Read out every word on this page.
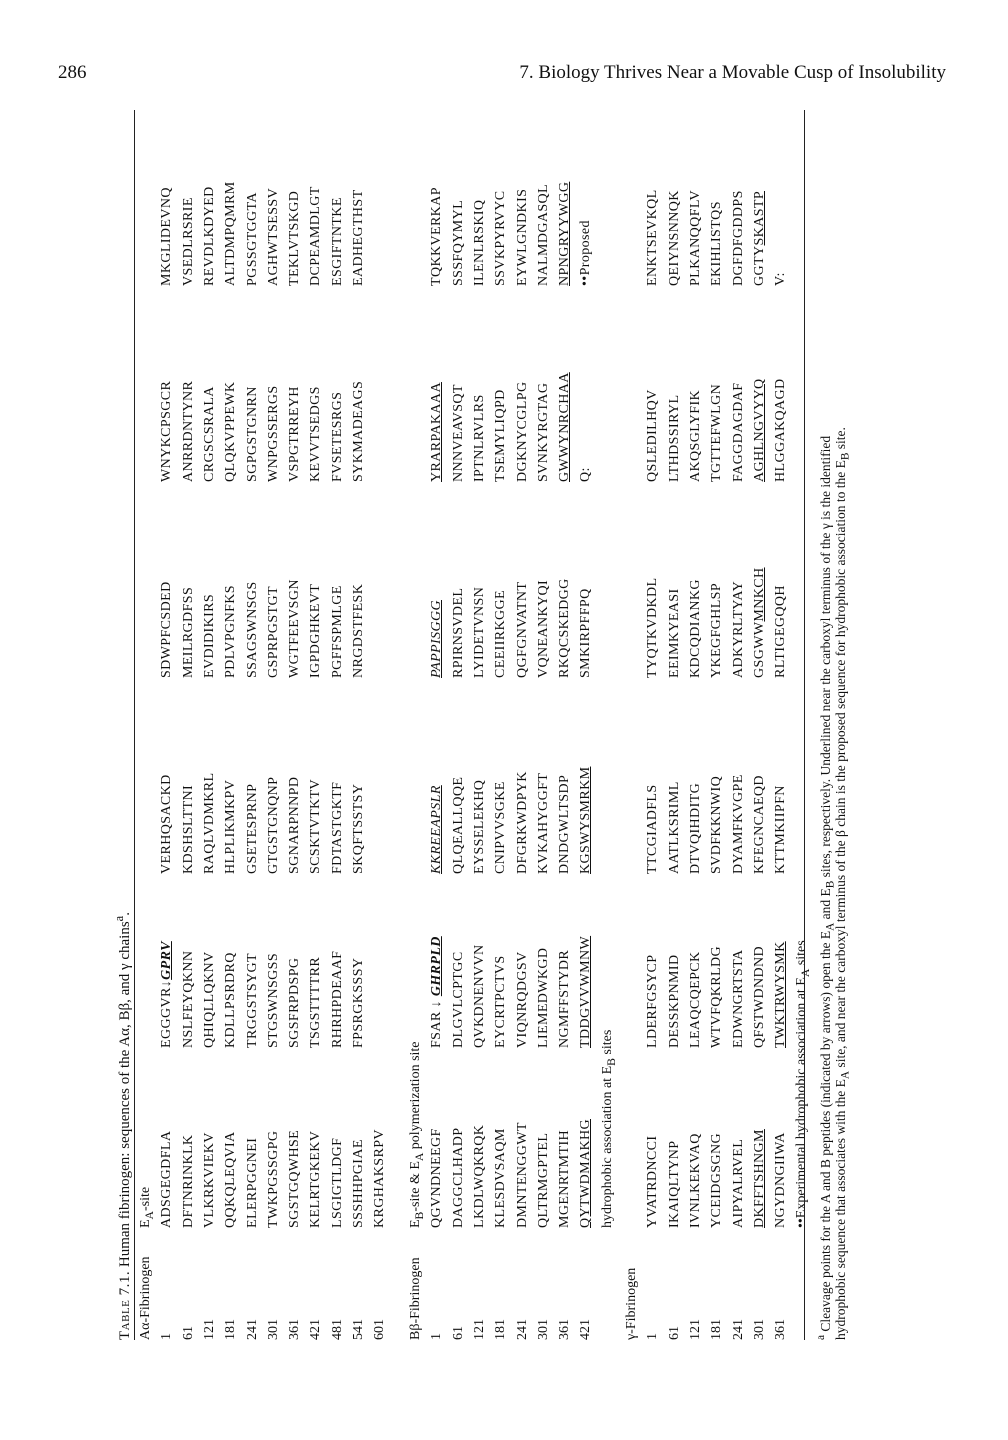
286	7. Biology Thrives Near a Movable Cusp of Insolubility
Table 7.1. Human fibrinogen: sequences of the Aα, Bβ, and γ chains$^a$.
Aα-Fibrinogen
$E_A$-site
1
ADSGEGDFLA
EGGGVR↓GPRV
VERHQSACKD
SDWPFCSDED
WNYKCPSGCR
MKGLIDEVNQ
61
DFTNRINKLK
NSLFEYQKNN
KDSHSLTTNI
MEILRGDFSS
ANRRDNTYNR
VSEDLRSRIE
121
VLKRKVIEKV
QHIQLLQKNV
RAQLVDMKRL
EVDIDIKIRS
CRGSCSRALA
REVDLKDYED
181
QQKQLEQVIA
KDLLPSRDRQ
HLPLIKMKPV
PDLVPGNFKS
QLQKVPPEWK
ALTDMPQMRM
241
ELERPGGNEI
TRGGSTSYGT
GSETESPRNP
SSAGSWNSGS
SGPGSTGNRN
PGSSGTGGTA
301
TWKPGSSGPG
STGSWNSGSS
GTGSTGNQNP
GSPRPGSTGT
WNPGSSERGS
AGHWTSESSV
361
SGSTGQWHSE
SGSFRPDSPG
SGNARPNNPD
WGTFEEVSGN
VSPGTRREYH
TEKLVTSKGD
421
KELRTGKEKV
TSGSTTTTRR
SCSKTVTKTV
IGPDGHKEVT
KEVVTSEDGS
DCPEAMDLGT
481
LSGIGTLDGF
RHRHPDEAAF
FDTASTGKTF
PGFFSPMLGE
FVSETESRGS
ESGIFTNTKE
541
SSSHHPGIAE
FPSRGKSSSY
SKQFTSSTSY
NRGDSTFESK
SYKMADEAGS
EADHEGTHST
601
KRGHAKSRPV
Bβ-Fibrinogen
$E_B$-site & $E_A$ polymerization site
1
QGVNDNEEGF
FSAR ↓ GHRPLD
KKREEAPSLR
PAPPISGGG
YRARPAKAAA
TQKKVERKAP
61
DAGGCLHADP
DLGVLCPTGC
QLQEALLQQE
RPIRNSVDEL
NNNVEAVSQT
SSSFQYMYL
121
LKDLWQKRQK
QVKDNENVVN
EYSSELEKHQ
LYIDETVNSN
IPTNLRVLRS
ILENLRSKIQ
181
KLESDVSAQM
EYCRTPCTVS
CNIPVVSGKE
CEEIIRKGGE
TSEMYLIQPD
SSVKPYRVYC
241
DMNTENGGWT
VIQNRQDGSV
DFGRKWDPYK
QGFGNVATNT
DGKNYCGLPG
EYWLGNDKIS
301
QLTRMGPTEL
LIEMEDWKGD
KVKAHYGGFT
VQNEANKYQI
SVNKYRGTAG
NALMDGASQL
361
MGENRTMTIH
NGMFFSTYDR
DNDGWLTSDP
RKQCSKEDGG
GWWYNRCHAA
NPNGRYYWGG
421
QYTWDMAKHG
TDDGVVWMNW
KGSWYSMRKM
SMKIRPFFPQ
Q:
••Proposed
hydrophobic association at $E_B$ sites
γ-Fibrinogen 1
YVATRDNCCI
LDERFGSYCP
TTCGIADFLS
TYQTKVDKDL
QSLEDILHQV
ENKTSEVKQL
61
IKAIQLTYNP
DESSKPNMID
AATLKSRIML
EEIMKYEASI
LTHDSSIRYL
QEIYNSNNQK
121
IVNLKEKVAQ
LEAQCQEPCK
DTVQIHDITG
KDCQDIANKG
AKQSGLYFIK
PLKANQQFLV
181
YCEIDGSGNG
WTVFQKRLDG
SVDFKKNWIQ
YKEGFGHLSP
TGTTEFWLGN
EKIHLISTQS
241
AIPYALRVEL
EDWNGRTSTA
DYAMFKVGPE
ADKYRLTYAY
FAGGDAGDAF
DGFDFGDDPS
301
DKFFTSHNGM
QFSTWDNDND
KFEGNCAEQD
GSGWWMNKCH
AGHLNGVYYQ
GGTYSKASTP
361
NGYDNGIIWA
TWKTRWYSMK
KTTMKIIPFN
RLTIGEGQQH
HLGGAKQAGD
V:
••Experimental hydrophobic association at $E_A$ sites
$^a$ Cleavage points for the A and B peptides (indicated by arrows) open the $E_A$ and $E_B$ sites, respectively. Underlined near the carboxyl terminus of the γ is the identified
hydrophobic sequence that associates with the $E_A$ site, and near the carboxyl terminus of the β chain is the proposed sequence for hydrophobic association to the $E_B$ site.
